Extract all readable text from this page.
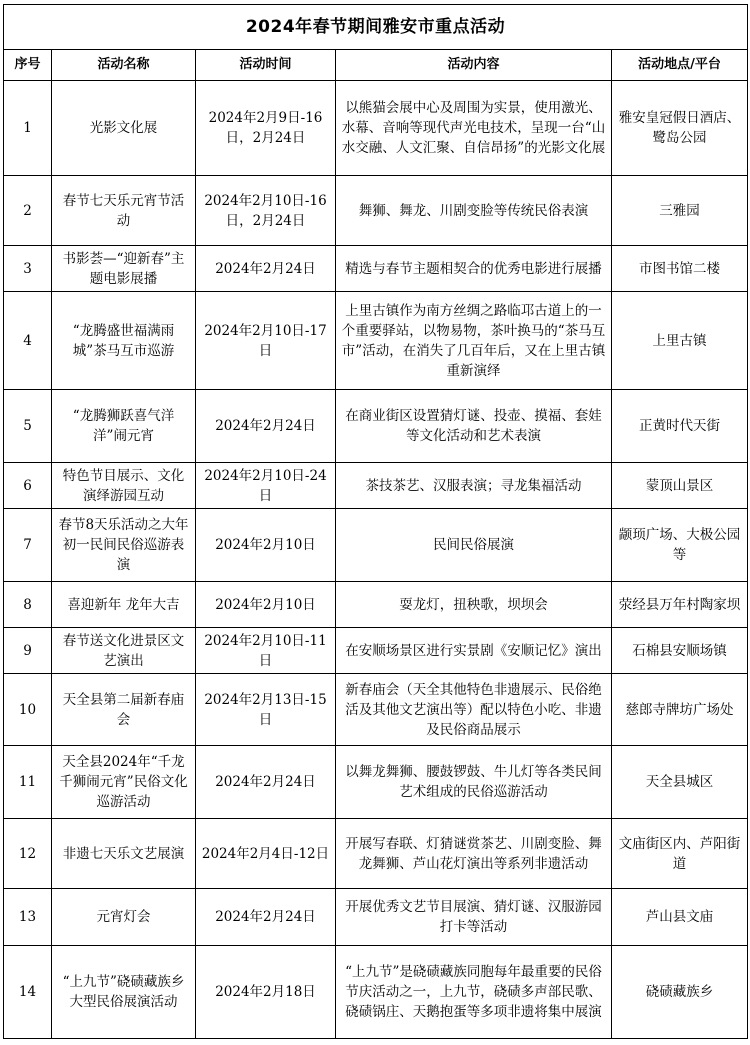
2024年春节期间雅安市重点活动				
序号	活动名称	活动时间	活动内容	活动地点/平台
1	光影文化展	2024年2月9日-16日，2月24日	以熊猫会展中心及周围为实景，使用激光、水幕、音响等现代声光电技术，呈现一台“山水交融、人文汇聚、自信昂扬”的光影文化展	雅安皇冠假日酒店、鹭岛公园
2	春节七天乐元宵节活动	2024年2月10日-16日，2月24日	舞狮、舞龙、川剧变脸等传统民俗表演	三雅园
3	书影荟—“迎新春”主题电影展播	2024年2月24日	精选与春节主题相契合的优秀电影进行展播	市图书馆二楼
4	“龙腾盛世福满雨城”茶马互市巡游	2024年2月10日-17日	上里古镇作为南方丝绸之路临邛古道上的一个重要驿站，以物易物，茶叶换马的“茶马互市”活动，在消失了几百年后，又在上里古镇重新演绎	上里古镇
5	“龙腾狮跃喜气洋洋”闹元宵	2024年2月24日	在商业街区设置猜灯谜、投壶、摸福、套娃等文化活动和艺术表演	正黄时代天街
6	特色节目展示、文化演绎游园互动	2024年2月10日-24日	茶技茶艺、汉服表演；寻龙集福活动	蒙顶山景区
7	春节8天乐活动之大年初一民间民俗巡游表演	2024年2月10日	民间民俗展演	颛顼广场、大极公园等
8	喜迎新年 龙年大吉	2024年2月10日	耍龙灯，扭秧歌，坝坝会	荥经县万年村陶家坝
9	春节送文化进景区文艺演出	2024年2月10日-11日	在安顺场景区进行实景剧《安顺记忆》演出	石棉县安顺场镇
10	天全县第二届新春庙会	2024年2月13日-15日	新春庙会（天全其他特色非遗展示、民俗绝活及其他文艺演出等）配以特色小吃、非遗及民俗商品展示	慈郎寺牌坊广场处
11	天全县2024年“千龙千狮闹元宵”民俗文化巡游活动	2024年2月24日	以舞龙舞狮、腰鼓锣鼓、牛儿灯等各类民间艺术组成的民俗巡游活动	天全县城区
12	非遗七天乐文艺展演	2024年2月4日-12日	开展写春联、灯猜谜赏茶艺、川剧变脸、舞龙舞狮、芦山花灯演出等系列非遗活动	文庙街区内、芦阳街道
13	元宵灯会	2024年2月24日	开展优秀文艺节目展演、猜灯谜、汉服游园打卡等活动	芦山县文庙
14	“上九节”硗碛藏族乡大型民俗展演活动	2024年2月18日	“上九节”是硗碛藏族同胞每年最重要的民俗节庆活动之一，上九节，硗碛多声部民歌、硗碛锅庄、天鹅抱蛋等多项非遗将集中展演	硗碛藏族乡
